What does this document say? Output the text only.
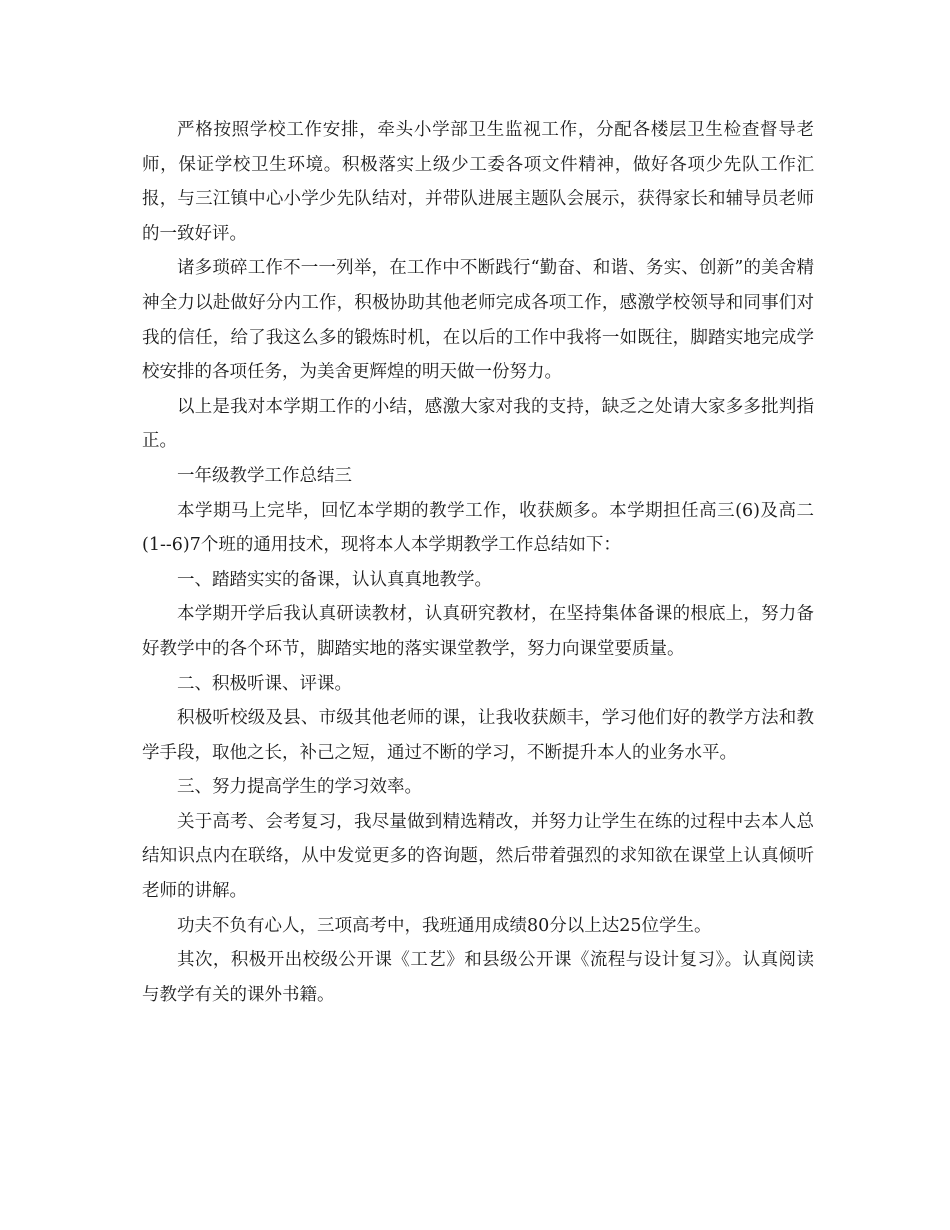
严格按照学校工作安排，牵头小学部卫生监视工作，分配各楼层卫生检查督导老师，保证学校卫生环境。积极落实上级少工委各项文件精神，做好各项少先队工作汇报，与三江镇中心小学少先队结对，并带队进展主题队会展示，获得家长和辅导员老师的一致好评。

诸多琐碎工作不一一列举，在工作中不断践行“勤奋、和谐、务实、创新”的美舍精神全力以赴做好分内工作，积极协助其他老师完成各项工作，感激学校领导和同事们对我的信任，给了我这么多的锻炼时机，在以后的工作中我将一如既往，脚踏实地完成学校安排的各项任务，为美舍更辉煌的明天做一份努力。

以上是我对本学期工作的小结，感激大家对我的支持，缺乏之处请大家多多批判指正。

一年级教学工作总结三

本学期马上完毕，回忆本学期的教学工作，收获颇多。本学期担任高三(6)及高二(1--6)7个班的通用技术，现将本人本学期教学工作总结如下：

一、踏踏实实的备课，认认真真地教学。

本学期开学后我认真研读教材，认真研究教材，在坚持集体备课的根底上，努力备好教学中的各个环节，脚踏实地的落实课堂教学，努力向课堂要质量。

二、积极听课、评课。

积极听校级及县、市级其他老师的课，让我收获颇丰，学习他们好的教学方法和教学手段，取他之长，补己之短，通过不断的学习，不断提升本人的业务水平。

三、努力提高学生的学习效率。

关于高考、会考复习，我尽量做到精选精改，并努力让学生在练的过程中去本人总结知识点内在联络，从中发觉更多的咨询题，然后带着强烈的求知欲在课堂上认真倾听老师的讲解。

功夫不负有心人，三项高考中，我班通用成绩80分以上达25位学生。

其次，积极开出校级公开课《工艺》和县级公开课《流程与设计复习》。认真阅读与教学有关的课外书籍。
